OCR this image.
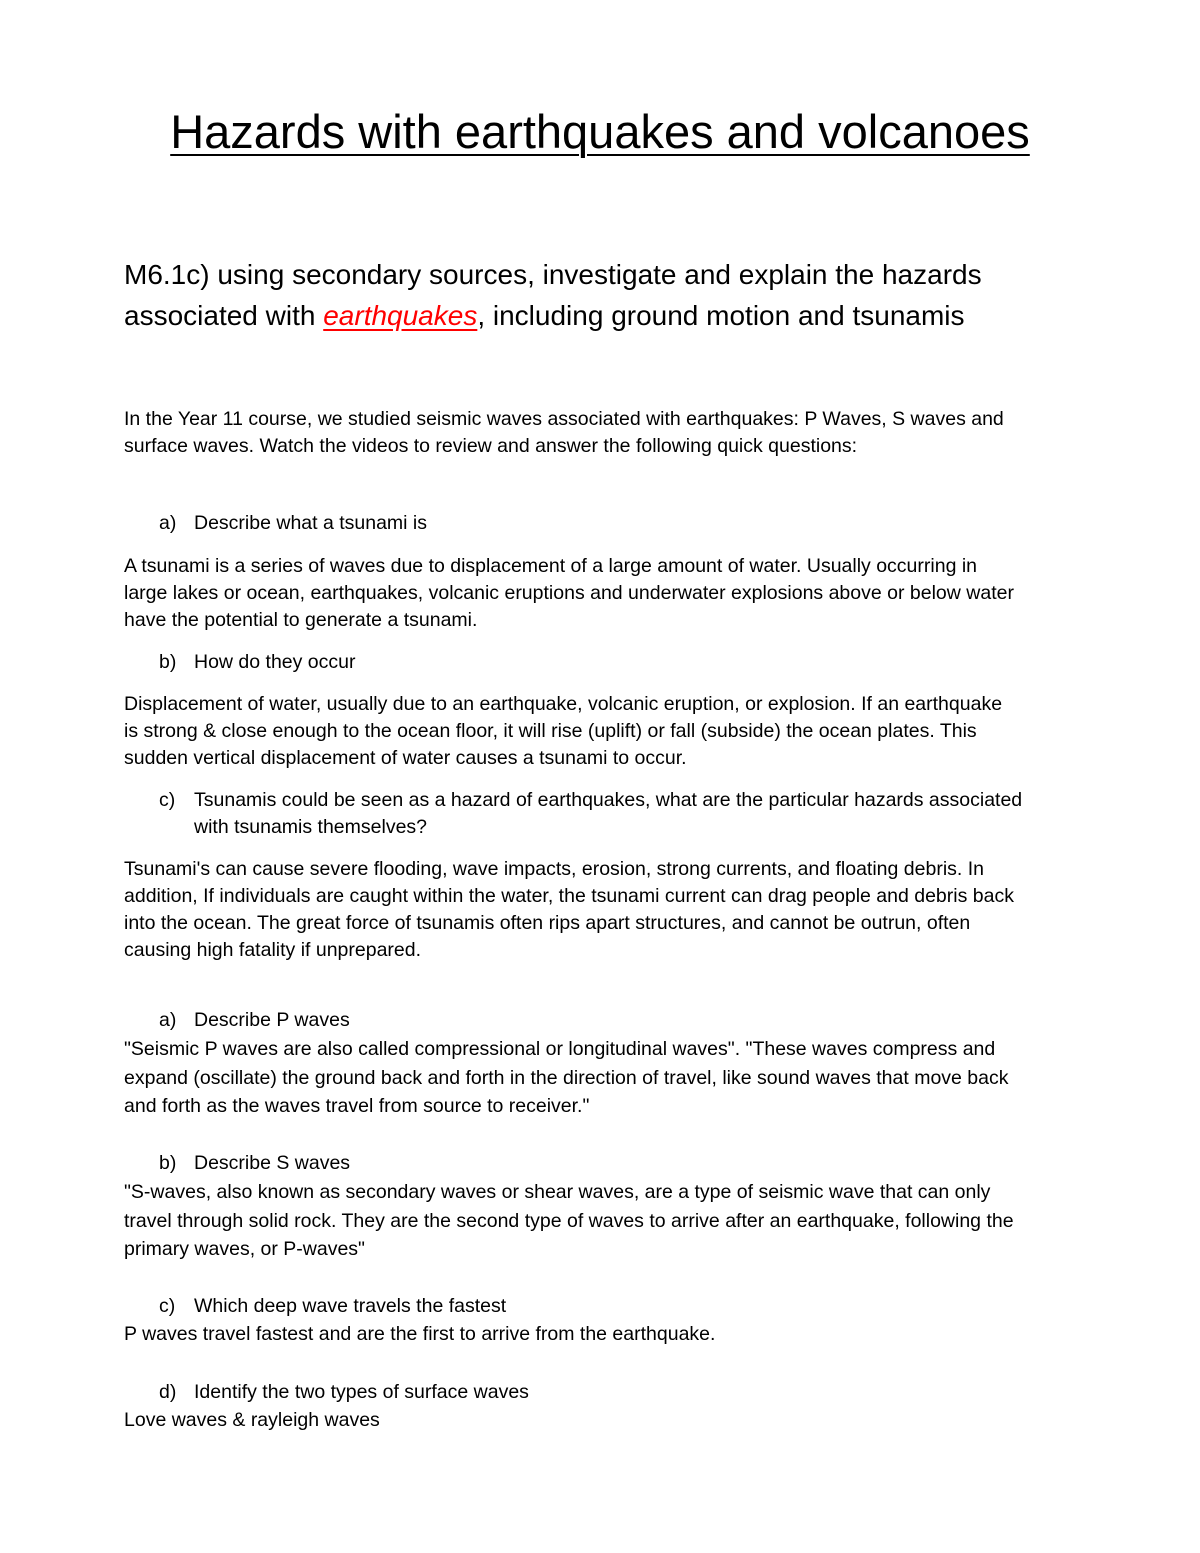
Hazards with earthquakes and volcanoes
M6.1c) using secondary sources, investigate and explain the hazards
associated with earthquakes, including ground motion and tsunamis
In the Year 11 course, we studied seismic waves associated with earthquakes: P Waves, S waves and
surface waves. Watch the videos to review and answer the following quick questions:
a) Describe what a tsunami is
A tsunami is a series of waves due to displacement of a large amount of water. Usually occurring in
large lakes or ocean, earthquakes, volcanic eruptions and underwater explosions above or below water
have the potential to generate a tsunami.
b) How do they occur
Displacement of water, usually due to an earthquake, volcanic eruption, or explosion. If an earthquake
is strong & close enough to the ocean floor, it will rise (uplift) or fall (subside) the ocean plates. This
sudden vertical displacement of water causes a tsunami to occur.
c) Tsunamis could be seen as a hazard of earthquakes, what are the particular hazards associated
with tsunamis themselves?
Tsunami's can cause severe flooding, wave impacts, erosion, strong currents, and floating debris. In
addition, If individuals are caught within the water, the tsunami current can drag people and debris back
into the ocean. The great force of tsunamis often rips apart structures, and cannot be outrun, often
causing high fatality if unprepared.
a) Describe P waves
"Seismic P waves are also called compressional or longitudinal waves". "These waves compress and
expand (oscillate) the ground back and forth in the direction of travel, like sound waves that move back
and forth as the waves travel from source to receiver."
b) Describe S waves
"S-waves, also known as secondary waves or shear waves, are a type of seismic wave that can only
travel through solid rock. They are the second type of waves to arrive after an earthquake, following the
primary waves, or P-waves"
c) Which deep wave travels the fastest
P waves travel fastest and are the first to arrive from the earthquake.
d) Identify the two types of surface waves
Love waves & rayleigh waves
